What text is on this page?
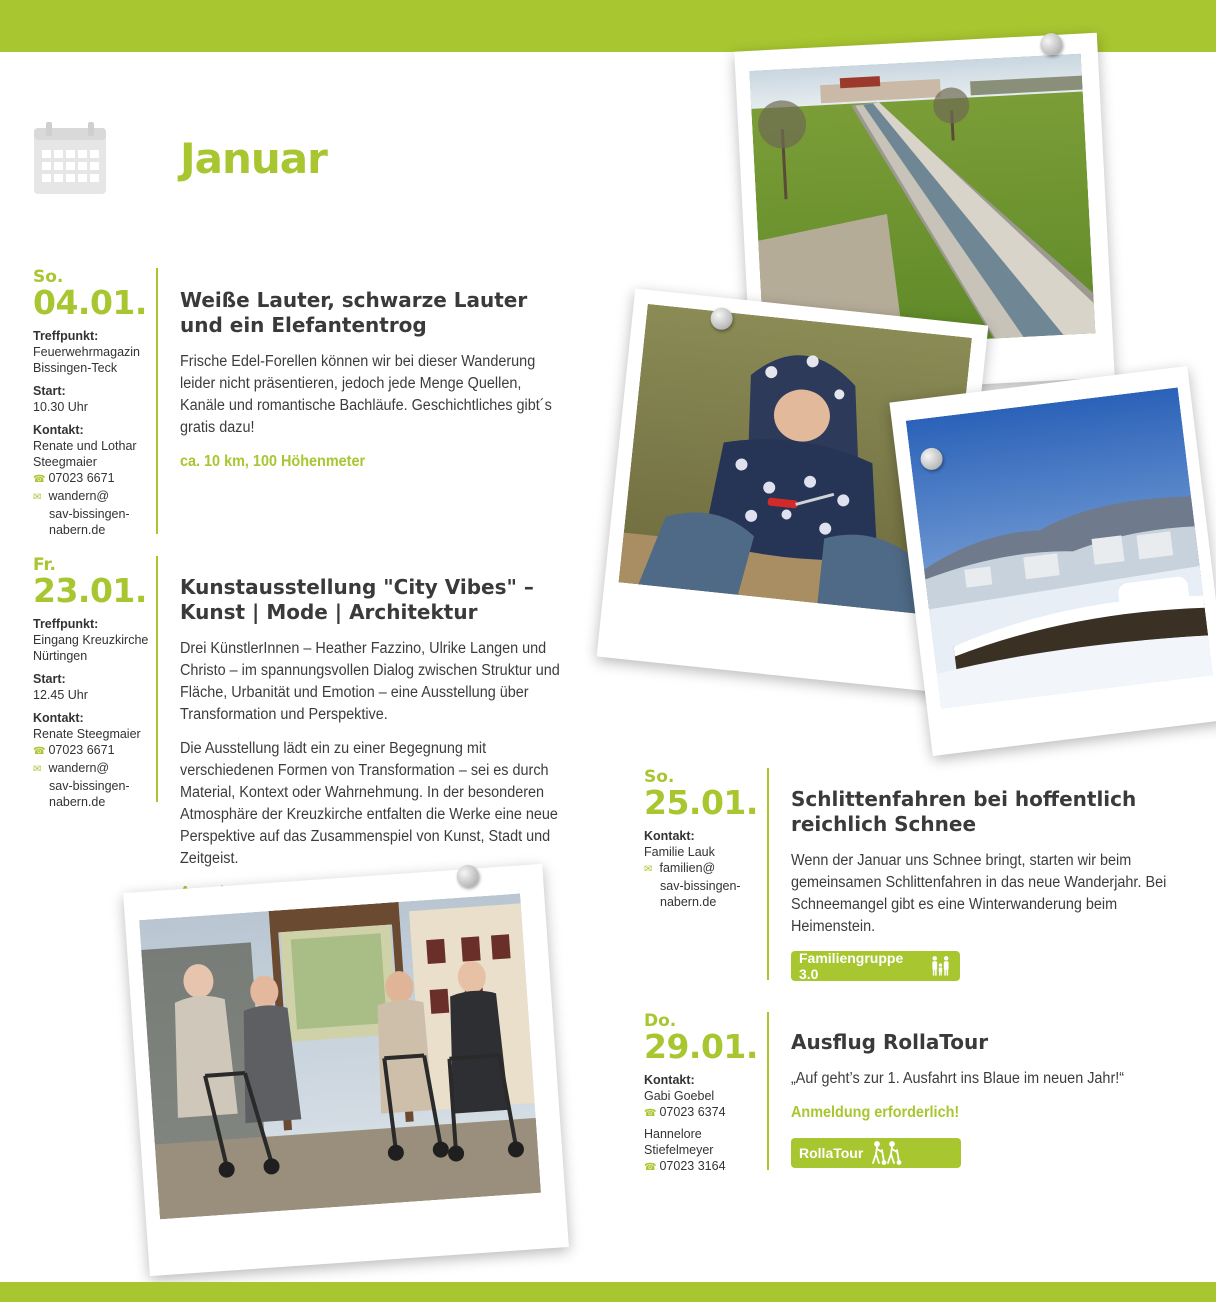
Januar
So.
04.01.
Treffpunkt:
Feuerwehrmagazin
Bissingen-Teck
Start:
10.30 Uhr
Kontakt:
Renate und Lothar
Steegmaier
☎ 07023 6671
✉ wandern@
sav-bissingen-
nabern.de
Weiße Lauter, schwarze Lauter
und ein Elefantentrog

Frische Edel-Forellen können wir bei dieser Wanderung leider nicht präsentieren, jedoch jede Menge Quellen, Kanäle und romantische Bachläufe. Geschichtliches gibt´s gratis dazu!

ca. 10 km, 100 Höhenmeter
Fr.
23.01.
Treffpunkt:
Eingang Kreuzkirche
Nürtingen
Start:
12.45 Uhr
Kontakt:
Renate Steegmaier
☎ 07023 6671
✉ wandern@
sav-bissingen-
nabern.de
Kunstausstellung "City Vibes" –
Kunst | Mode | Architektur

Drei KünstlerInnen – Heather Fazzino, Ulrike Langen und Christo – im spannungsvollen Dialog zwischen Struktur und Fläche, Urbanität und Emotion – eine Ausstellung über Transformation und Perspektive.

Die Ausstellung lädt ein zu einer Begegnung mit verschiedenen Formen von Transformation – sei es durch Material, Kontext oder Wahrnehmung. In der besonderen Atmosphäre der Kreuzkirche entfalten die Werke eine neue Perspektive auf das Zusammenspiel von Kunst, Stadt und Zeitgeist.

So.
25.01.
Kontakt:
Familie Lauk
✉ familien@
sav-bissingen-
nabern.de
Schlittenfahren bei hoffentlich
reichlich Schnee

Wenn der Januar uns Schnee bringt, starten wir beim gemeinsamen Schlittenfahren in das neue Wanderjahr. Bei Schneemangel gibt es eine Winterwanderung beim Heimenstein.

Familiengruppe 3.0
Do.
29.01.
Kontakt:
Gabi Goebel
☎ 07023 6374
Hannelore
Stiefelmeyer
☎ 07023 3164
Ausflug RollaTour

„Auf geht’s zur 1. Ausfahrt ins Blaue im neuen Jahr!“

Anmeldung erforderlich!
RollaTour
